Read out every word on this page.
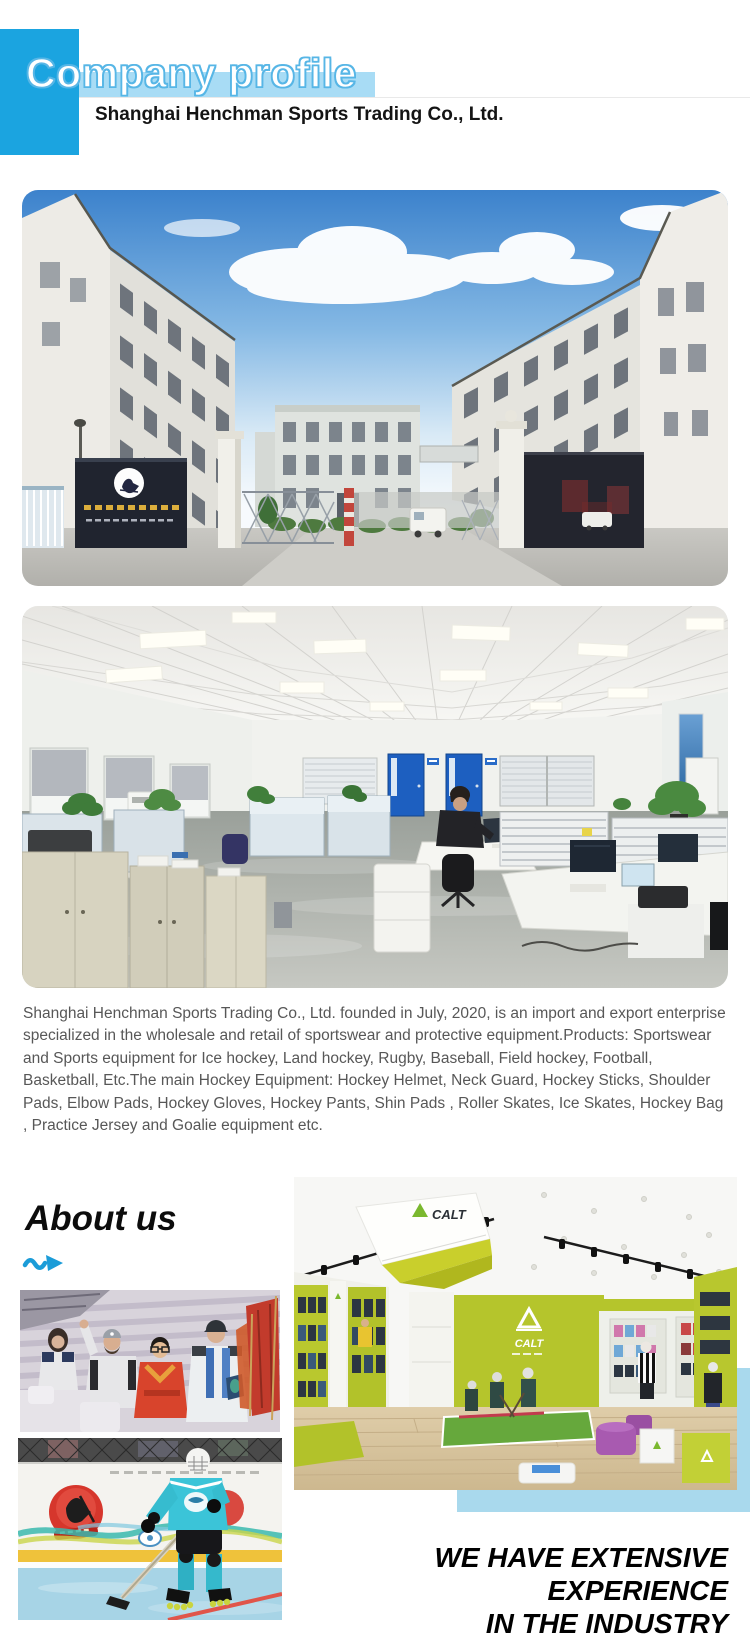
Company profile
Shanghai Henchman Sports Trading Co., Ltd.

Shanghai Henchman Sports Trading Co., Ltd. founded in July, 2020, is an import and export enterprise specialized in the wholesale and retail of sportswear and protective equipment.Products: Sportswear and Sports equipment for Ice hockey, Land hockey, Rugby, Baseball, Field hockey, Football, Basketball, Etc.The main Hockey Equipment: Hockey Helmet, Neck Guard, Hockey Sticks, Shoulder Pads, Elbow Pads, Hockey Gloves, Hockey Pants, Shin Pads , Roller Skates, Ice Skates, Hockey Bag , Practice Jersey and Goalie equipment etc.

About us	CALT
CALT
WE HAVE EXTENSIVE EXPERIENCE
IN THE INDUSTRY
